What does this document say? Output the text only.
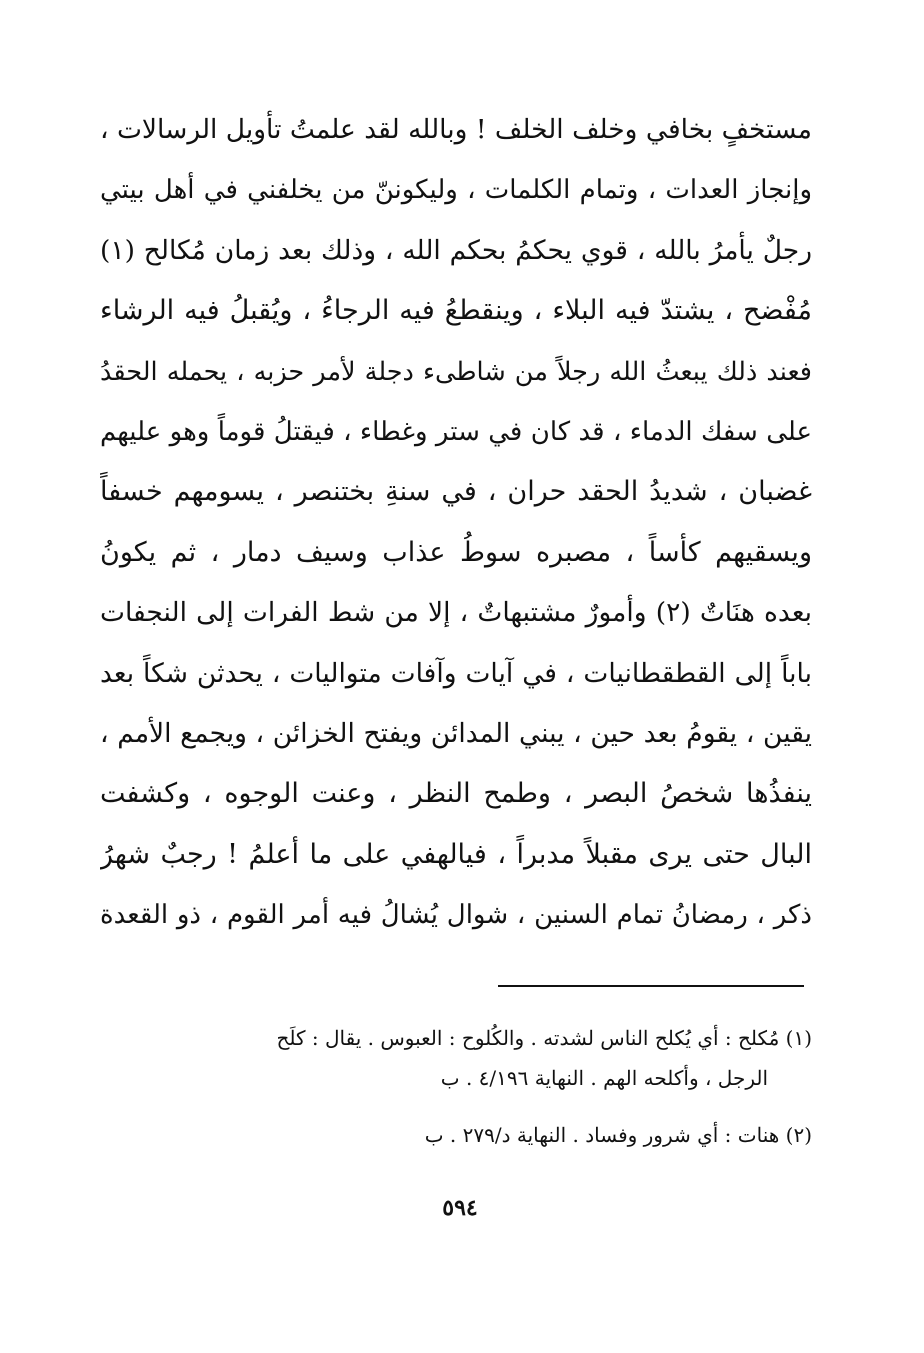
مستخفٍ بخافي وخلف الخلف ! وبالله لقد علمتُ تأويل الرسالات ،
وإنجاز العدات ، وتمام الكلمات ، وليكوننّ من يخلفني في أهل بيتي
رجلٌ يأمرُ بالله ، قوي يحكمُ بحكم الله ، وذلك بعد زمان مُكالح (١)
مُفْضح ، يشتدّ فيه البلاء ، وينقطعُ فيه الرجاءُ ، ويُقبلُ فيه الرشاء
فعند ذلك يبعثُ الله رجلاً من شاطىء دجلة لأمر حزبه ، يحمله الحقدُ
على سفك الدماء ، قد كان في ستر وغطاء ، فيقتلُ قوماً وهو عليهم
غضبان ، شديدُ الحقد حران ، في سنةِ بختنصر ، يسومهم خسفاً
ويسقيهم كأساً ، مصبره سوطُ عذاب وسيف دمار ، ثم يكونُ
بعده هنَاتٌ (٢) وأمورٌ مشتبهاتٌ ، إلا من شط الفرات إلى النجفات
باباً إلى القطقطانيات ، في آيات وآفات متواليات ، يحدثن شكاً بعد
يقين ، يقومُ بعد حين ، يبني المدائن ويفتح الخزائن ، ويجمع الأمم ،
ينفذُها شخصُ البصر ، وطمح النظر ، وعنت الوجوه ، وكشفت
البال حتى يرى مقبلاً مدبراً ، فيالهفي على ما أعلمُ ! رجبٌ شهرُ
ذكر ، رمضانُ تمام السنين ، شوال يُشالُ فيه أمر القوم ، ذو القعدة
(١) مُكلح : أي يُكلح الناس لشدته . والكُلوح : العبوس . يقال : كلَح
الرجل ، وأكلحه الهم . النهاية ٤/١٩٦ . ب
(٢) هنات : أي شرور وفساد . النهاية د/٢٧٩ . ب
٥٩٤
